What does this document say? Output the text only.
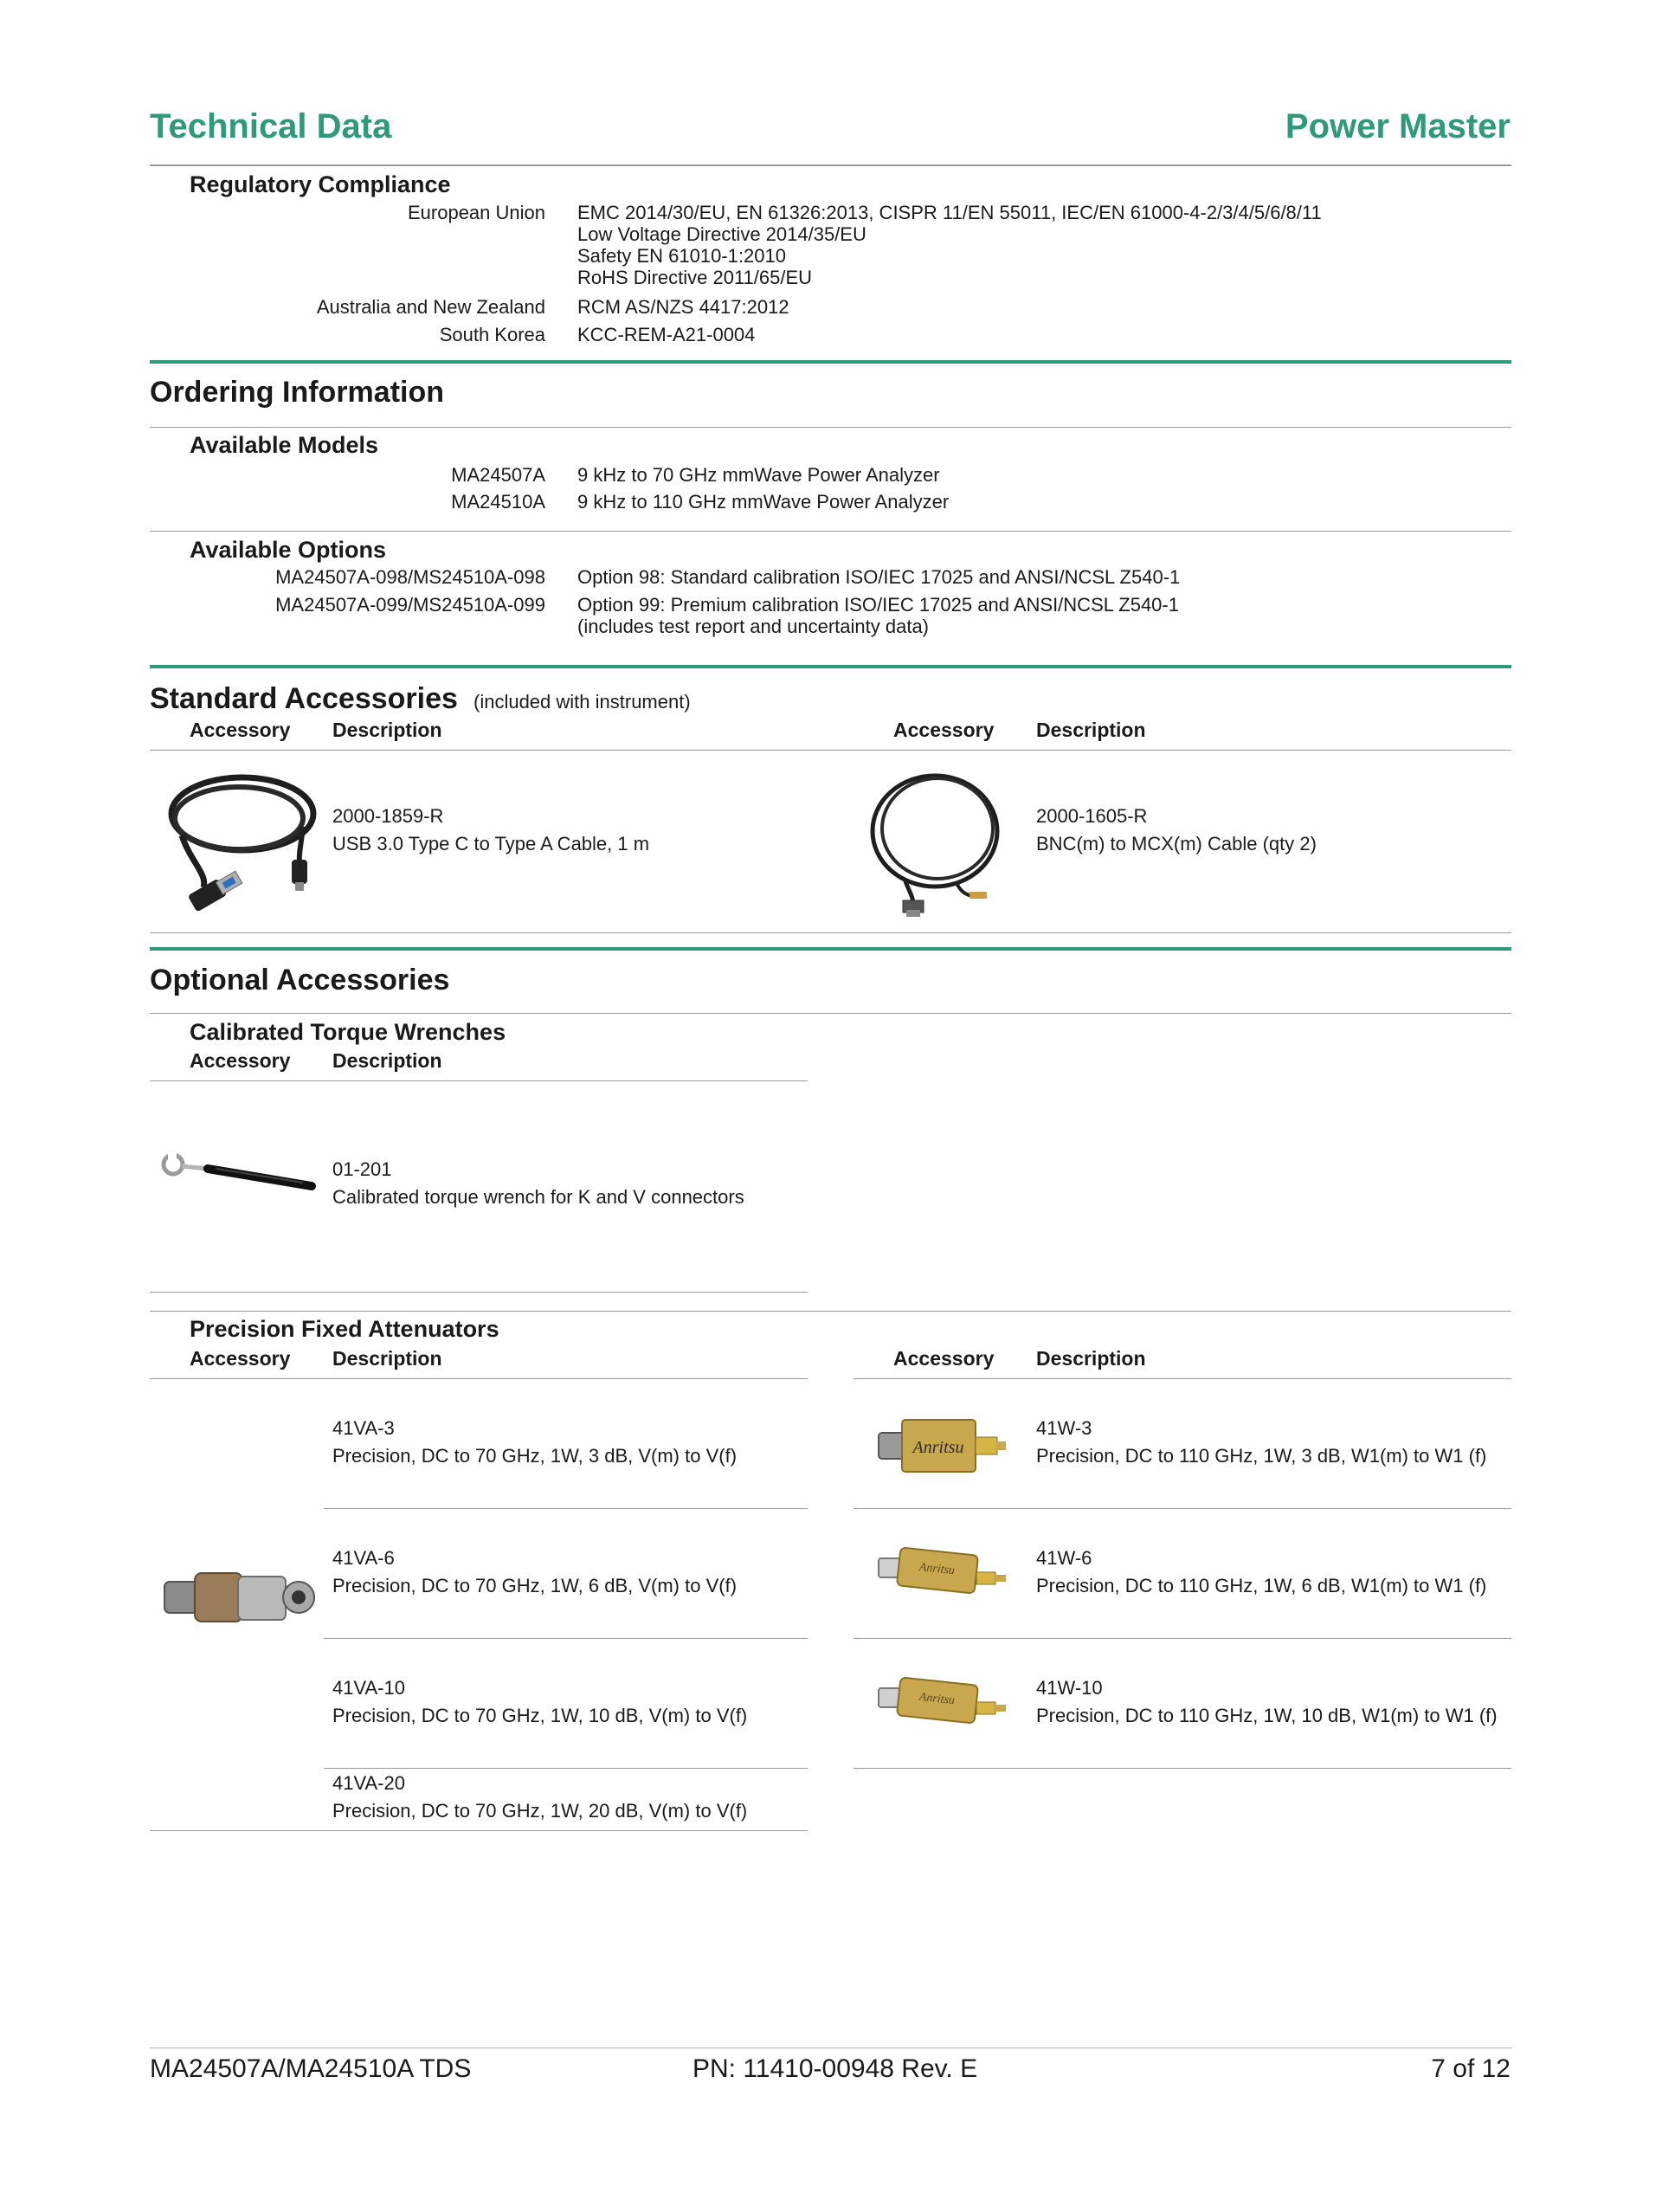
Technical Data	Power Master
Regulatory Compliance
European Union EMC 2014/30/EU, EN 61326:2013, CISPR 11/EN 55011, IEC/EN 61000-4-2/3/4/5/6/8/11
Low Voltage Directive 2014/35/EU
Safety EN 61010-1:2010
RoHS Directive 2011/65/EU
Australia and New Zealand RCM AS/NZS 4417:2012
South Korea KCC-REM-A21-0004
Ordering Information
Available Models
MA24507A 9 kHz to 70 GHz mmWave Power Analyzer
MA24510A 9 kHz to 110 GHz mmWave Power Analyzer
Available Options
MA24507A-098/MS24510A-098 Option 98: Standard calibration ISO/IEC 17025 and ANSI/NCSL Z540-1
MA24507A-099/MS24510A-099 Option 99: Premium calibration ISO/IEC 17025 and ANSI/NCSL Z540-1
(includes test report and uncertainty data)
Standard Accessories (included with instrument)
Accessory Description	Accessory Description
2000-1859-R
USB 3.0 Type C to Type A Cable, 1 m
2000-1605-R
BNC(m) to MCX(m) Cable (qty 2)
Optional Accessories
Calibrated Torque Wrenches
Accessory Description
01-201
Calibrated torque wrench for K and V connectors
Precision Fixed Attenuators
Accessory Description	Accessory Description
41VA-3
Precision, DC to 70 GHz, 1W, 3 dB, V(m) to V(f)
41VA-6
Precision, DC to 70 GHz, 1W, 6 dB, V(m) to V(f)
41VA-10
Precision, DC to 70 GHz, 1W, 10 dB, V(m) to V(f)
41VA-20
Precision, DC to 70 GHz, 1W, 20 dB, V(m) to V(f)
Anritsu
41W-3
Precision, DC to 110 GHz, 1W, 3 dB, W1(m) to W1 (f)
Anritsu
41W-6
Precision, DC to 110 GHz, 1W, 6 dB, W1(m) to W1 (f)
Anritsu
41W-10
Precision, DC to 110 GHz, 1W, 10 dB, W1(m) to W1 (f)
MA24507A/MA24510A TDS	PN: 11410-00948 Rev. E	7 of 12
